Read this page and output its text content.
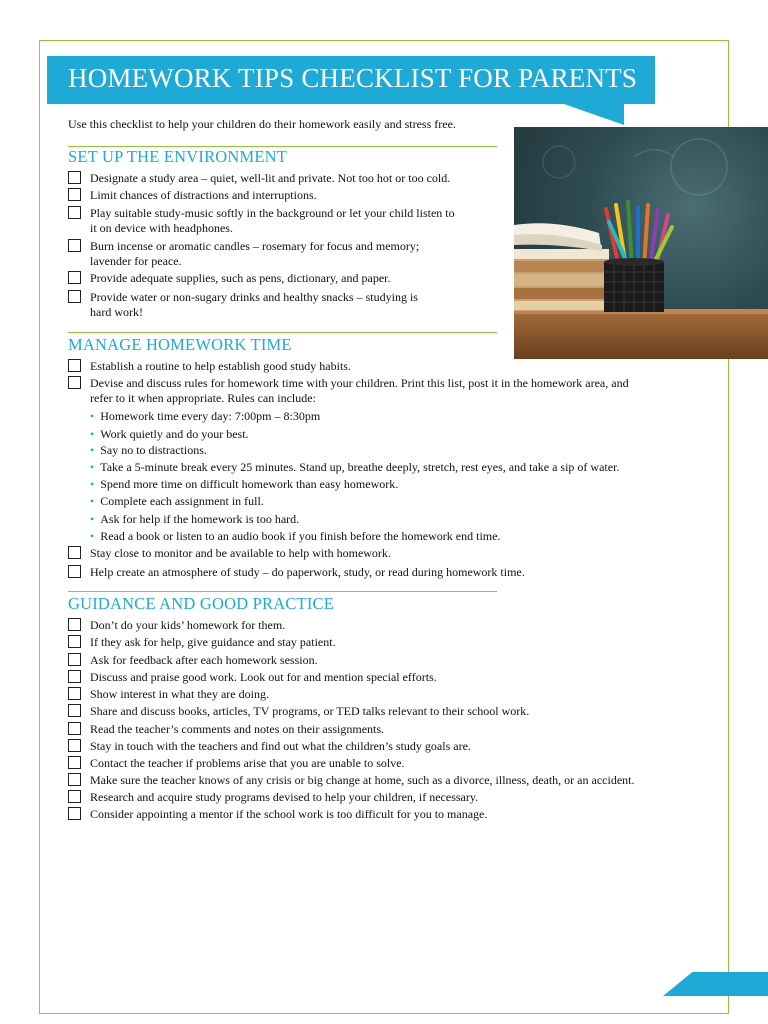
HOMEWORK TIPS CHECKLIST FOR PARENTS
Use this checklist to help your children do their homework easily and stress free.
SET UP THE ENVIRONMENT
Designate a study area – quiet, well-lit and private. Not too hot or too cold.
Limit chances of distractions and interruptions.
Play suitable study-music softly in the background or let your child listen to
it on device with headphones.
Burn incense or aromatic candles – rosemary for focus and memory;
lavender for peace.
Provide adequate supplies, such as pens, dictionary, and paper.
Provide water or non-sugary drinks and healthy snacks – studying is
hard work!
MANAGE HOMEWORK TIME
Establish a routine to help establish good study habits.
Devise and discuss rules for homework time with your children. Print this list, post it in the homework area, and
refer to it when appropriate. Rules can include:
• Homework time every day: 7:00pm – 8:30pm
• Work quietly and do your best.
• Say no to distractions.
• Take a 5-minute break every 25 minutes. Stand up, breathe deeply, stretch, rest eyes, and take a sip of water.
• Spend more time on difficult homework than easy homework.
• Complete each assignment in full.
• Ask for help if the homework is too hard.
• Read a book or listen to an audio book if you finish before the homework end time.
Stay close to monitor and be available to help with homework.
Help create an atmosphere of study – do paperwork, study, or read during homework time.
GUIDANCE AND GOOD PRACTICE
Don’t do your kids’ homework for them.
If they ask for help, give guidance and stay patient.
Ask for feedback after each homework session.
Discuss and praise good work. Look out for and mention special efforts.
Show interest in what they are doing.
Share and discuss books, articles, TV programs, or TED talks relevant to their school work.
Read the teacher’s comments and notes on their assignments.
Stay in touch with the teachers and find out what the children’s study goals are.
Contact the teacher if problems arise that you are unable to solve.
Make sure the teacher knows of any crisis or big change at home, such as a divorce, illness, death, or an accident.
Research and acquire study programs devised to help your children, if necessary.
Consider appointing a mentor if the school work is too difficult for you to manage.
